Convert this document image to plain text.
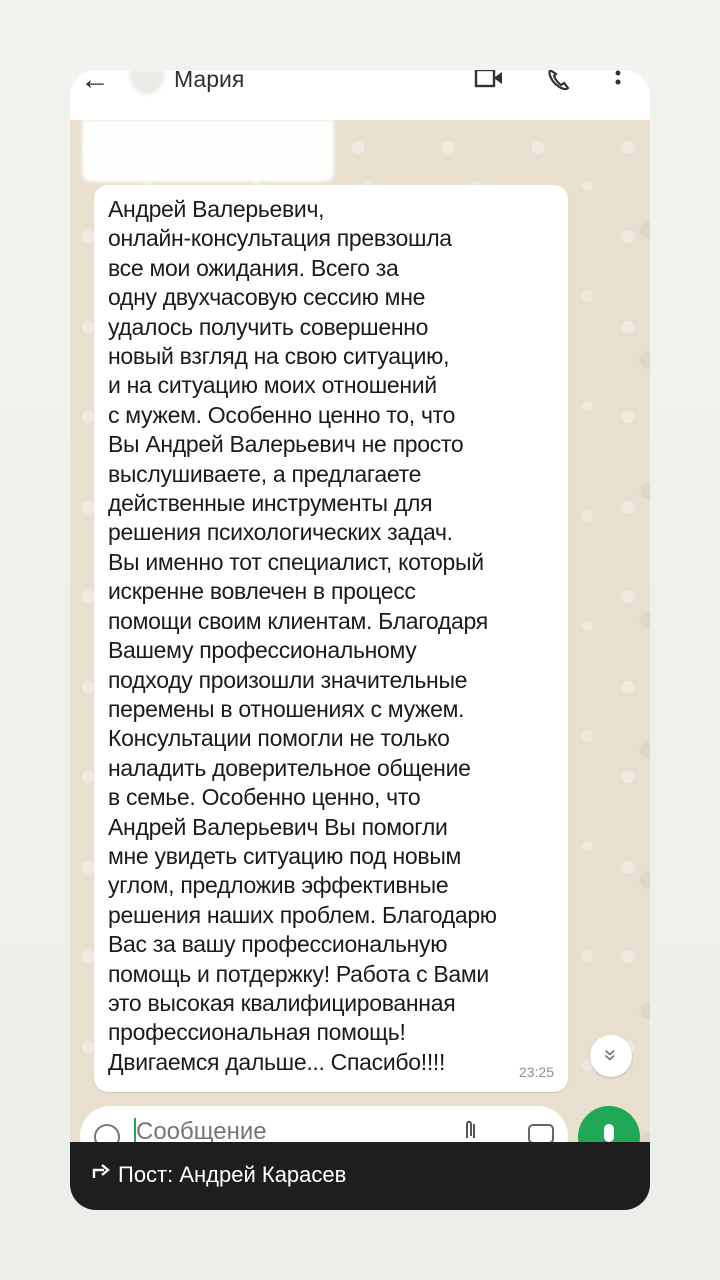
←	Мария
Андрей Валерьевич,
онлайн-консультация превзошла
все мои ожидания. Всего за
одну двухчасовую сессию мне
удалось получить совершенно
новый взгляд на свою ситуацию,
и на ситуацию моих отношений
с мужем. Особенно ценно то, что
Вы Андрей Валерьевич не просто
выслушиваете, а предлагаете
действенные инструменты для
решения психологических задач.
Вы именно тот специалист, который
искренне вовлечен в процесс
помощи своим клиентам. Благодаря
Вашему профессиональному
подходу произошли значительные
перемены в отношениях с мужем.
Консультации помогли не только
наладить доверительное общение
в семье. Особенно ценно, что
Андрей Валерьевич Вы помогли
мне увидеть ситуацию под новым
углом, предложив эффективные
решения наших проблем. Благодарю
Вас за вашу профессиональную
помощь и потдержку! Работа с Вами
это высокая квалифицированная
профессиональная помощь!
Двигаемся дальше... Спасибо!!!!	23:25
»
Сообщение
Пост: Андрей Карасев
